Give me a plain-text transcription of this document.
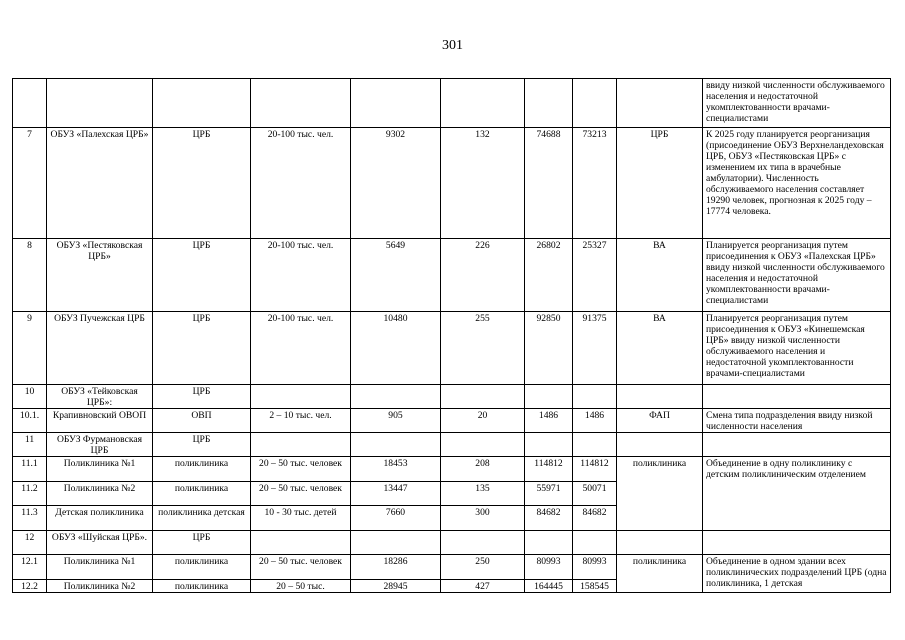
301
									ввиду низкой численности обслуживаемого населения и недостаточной укомплектованности врачами-специалистами
7	ОБУЗ «Палехская ЦРБ»	ЦРБ	20-100 тыс. чел.	9302	132	74688	73213	ЦРБ	К 2025 году планируется реорганизация (присоединение ОБУЗ Верхнеландеховская ЦРБ, ОБУЗ «Пестяковская ЦРБ» с изменением их типа в врачебные амбулатории). Численность обслуживаемого населения составляет 19290 человек, прогнозная к 2025 году – 17774 человека.
8	ОБУЗ «Пестяковская ЦРБ»	ЦРБ	20-100 тыс. чел.	5649	226	26802	25327	ВА	Планируется реорганизация путем присоединения к ОБУЗ «Палехская ЦРБ» ввиду низкой численности обслуживаемого населения и недостаточной укомплектованности врачами-специалистами
9	ОБУЗ Пучежская ЦРБ	ЦРБ	20-100 тыс. чел.	10480	255	92850	91375	ВА	Планируется реорганизация путем присоединения к ОБУЗ «Кинешемская ЦРБ» ввиду низкой численности обслуживаемого населения и недостаточной укомплектованности врачами-специалистами
10	ОБУЗ «Тейковская ЦРБ»:	ЦРБ							
10.1.	Крапивновский ОВОП	ОВП	2 – 10 тыс. чел.	905	20	1486	1486	ФАП	Смена типа подразделения ввиду низкой численности населения
11	ОБУЗ Фурмановская ЦРБ	ЦРБ							
11.1	Поликлиника №1	поликлиника	20 – 50 тыс. человек	18453	208	114812	114812	поликлиника	Объединение в одну поликлинику с детским поликлиническим отделением
11.2	Поликлиника №2	поликлиника	20 – 50 тыс. человек	13447	135	55971	50071		
11.3	Детская поликлиника	поликлиника детская	10 - 30 тыс. детей	7660	300	84682	84682		
12	ОБУЗ «Шуйская ЦРБ».	ЦРБ							
12.1	Поликлиника №1	поликлиника	20 – 50 тыс. человек	18286	250	80993	80993	поликлиника	Объединение в одном здании всех поликлинических подразделений ЦРБ (одна поликлиника, 1 детская
12.2	Поликлиника №2	поликлиника	20 – 50 тыс.	28945	427	164445	158545		
